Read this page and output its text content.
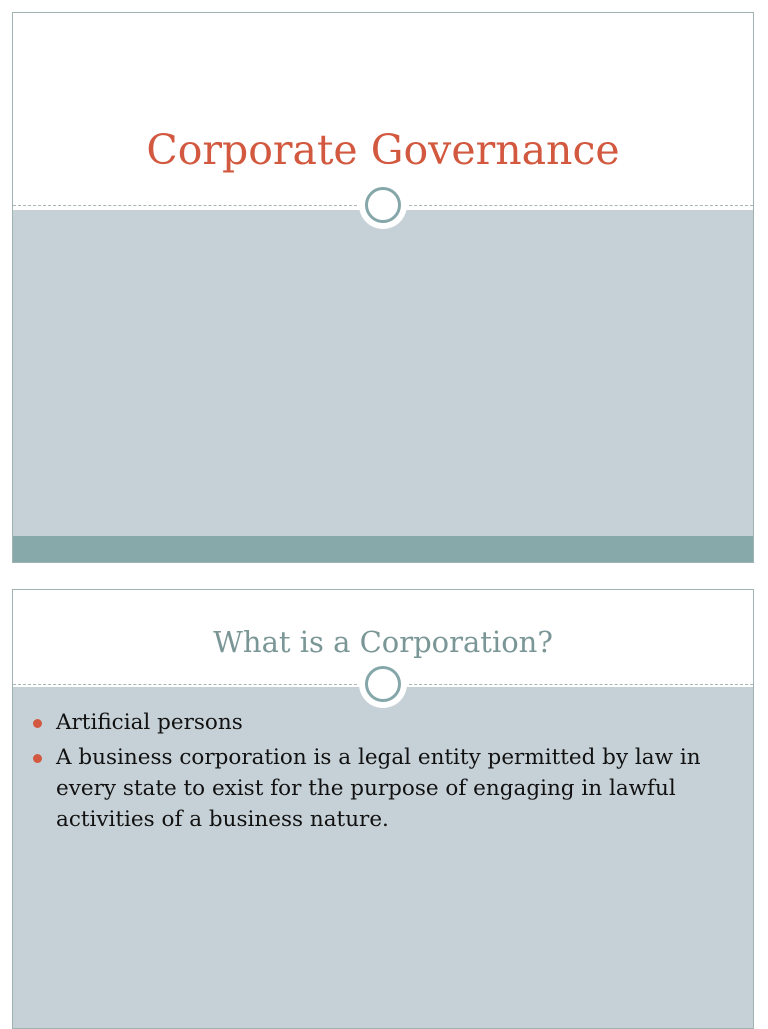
Corporate Governance
What is a Corporation?
Artificial persons
A business corporation is a legal entity permitted by law in every state to exist for the purpose of engaging in lawful activities of a business nature.
